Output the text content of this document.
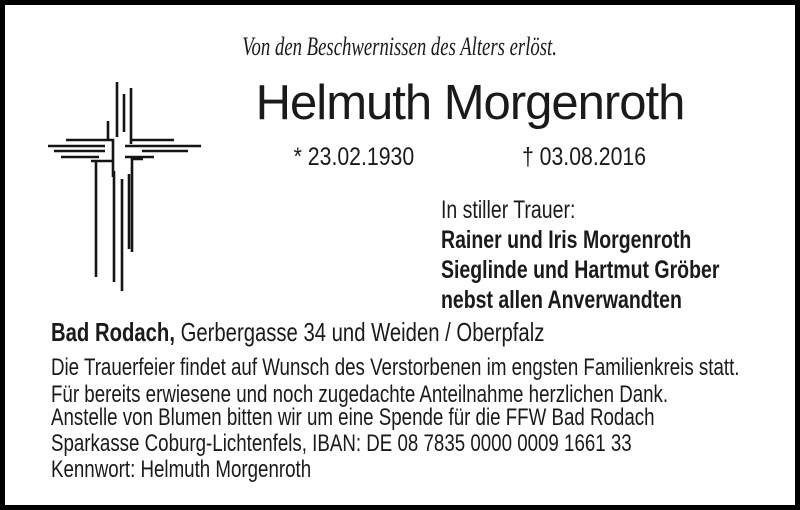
Von den Beschwernissen des Alters erlöst.
Helmuth Morgenroth
* 23.02.1930	† 03.08.2016
In stiller Trauer:
Rainer und Iris Morgenroth
Sieglinde und Hartmut Gröber
nebst allen Anverwandten
Bad Rodach, Gerbergasse 34 und Weiden / Oberpfalz
Die Trauerfeier findet auf Wunsch des Verstorbenen im engsten Familienkreis statt.
Für bereits erwiesene und noch zugedachte Anteilnahme herzlichen Dank.
Anstelle von Blumen bitten wir um eine Spende für die FFW Bad Rodach
Sparkasse Coburg-Lichtenfels, IBAN: DE 08 7835 0000 0009 1661 33
Kennwort: Helmuth Morgenroth
